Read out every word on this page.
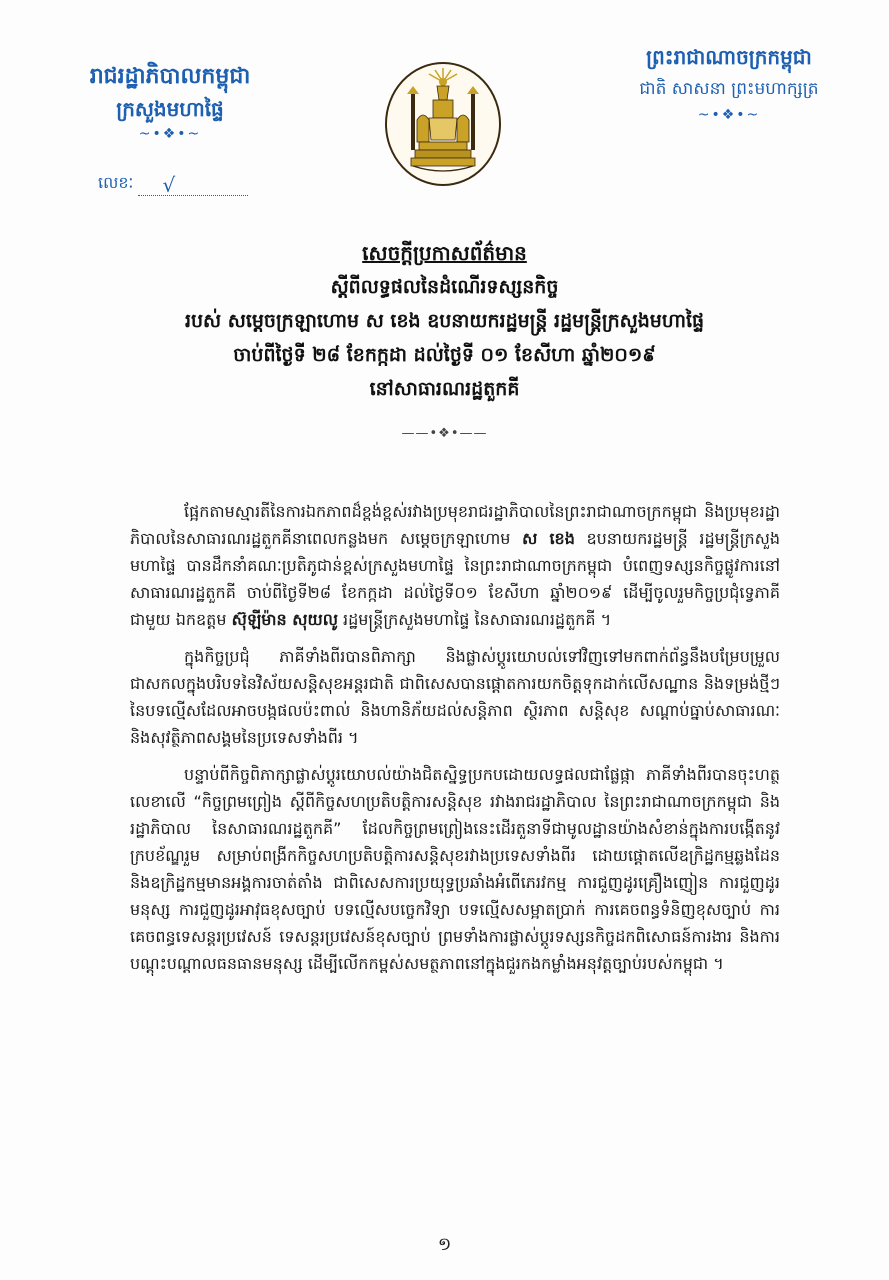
រាជរដ្ឋាភិបាលកម្ពុជា
ក្រសួងមហាផ្ទៃ
~•❖•~
លេខៈ √
ព្រះរាជាណាចក្រកម្ពុជា
ជាតិ សាសនា ព្រះមហាក្សត្រ
~•❖•~
សេចក្តីប្រកាសព័ត៌មាន
ស្តីពីលទ្ធផលនៃដំណើរទស្សនកិច្ច
របស់ សម្តេចក្រឡាហោម ស ខេង ឧបនាយករដ្ឋមន្ត្រី រដ្ឋមន្ត្រីក្រសួងមហាផ្ទៃ
ចាប់ពីថ្ងៃទី ២៨ ខែកក្កដា ដល់ថ្ងៃទី ០១ ខែសីហា ឆ្នាំ២០១៩
នៅសាធារណរដ្ឋតួកគី
——•❖•——

ផ្អែកតាមស្មារតីនៃការឯកភាពដ៏ខ្ពង់ខ្ពស់រវាងប្រមុខរាជរដ្ឋាភិបាលនៃព្រះរាជាណាចក្រកម្ពុជា និងប្រមុខរដ្ឋាភិបាលនៃសាធារណរដ្ឋតួកគីនាពេលកន្លងមក សម្តេចក្រឡាហោម ស ខេង ឧបនាយករដ្ឋមន្ត្រី រដ្ឋមន្ត្រីក្រសួងមហាផ្ទៃ បានដឹកនាំគណៈប្រតិភូជាន់ខ្ពស់ក្រសួងមហាផ្ទៃ នៃព្រះរាជាណាចក្រកម្ពុជា បំពេញទស្សនកិច្ចផ្លូវការនៅសាធារណរដ្ឋតួកគី ចាប់ពីថ្ងៃទី២៨ ខែកក្កដា ដល់ថ្ងៃទី០១ ខែសីហា ឆ្នាំ២០១៩ ដើម្បីចូលរួមកិច្ចប្រជុំទ្វេភាគីជាមួយ ឯកឧត្តម ស៊ុឡីម៉ាន សុយលូ រដ្ឋមន្ត្រីក្រសួងមហាផ្ទៃ នៃសាធារណរដ្ឋតួកគី ។

ក្នុងកិច្ចប្រជុំ ភាគីទាំងពីរបានពិភាក្សា និងផ្លាស់ប្តូរយោបល់ទៅវិញទៅមកពាក់ព័ន្ធនឹងបម្រែបម្រួលជាសកលក្នុងបរិបទនៃវិស័យសន្តិសុខអន្តរជាតិ ជាពិសេសបានផ្តោតការយកចិត្តទុកដាក់លើសណ្ឋាន និងទម្រង់ថ្មីៗនៃបទល្មើសដែលអាចបង្កផលប៉ះពាល់ និងហានិភ័យដល់សន្តិភាព ស្ថិរភាព សន្តិសុខ សណ្តាប់ធ្នាប់សាធារណៈ និងសុវត្ថិភាពសង្គមនៃប្រទេសទាំងពីរ ។

បន្ទាប់ពីកិច្ចពិភាក្សាផ្លាស់ប្តូរយោបល់យ៉ាងជិតស្និទ្ធប្រកបដោយលទ្ធផលជាផ្លែផ្កា ភាគីទាំងពីរបានចុះហត្ថលេខាលើ “កិច្ចព្រមព្រៀង ស្តីពីកិច្ចសហប្រតិបត្តិការសន្តិសុខ រវាងរាជរដ្ឋាភិបាល នៃព្រះរាជាណាចក្រកម្ពុជា និងរដ្ឋាភិបាល នៃសាធារណរដ្ឋតួកគី” ដែលកិច្ចព្រមព្រៀងនេះដើរតួនាទីជាមូលដ្ឋានយ៉ាងសំខាន់ក្នុងការបង្កើតនូវក្របខ័ណ្ឌរួម សម្រាប់ពង្រីកកិច្ចសហប្រតិបត្តិការសន្តិសុខរវាងប្រទេសទាំងពីរ ដោយផ្តោតលើឧក្រិដ្ឋកម្មឆ្លងដែន និងឧក្រិដ្ឋកម្មមានអង្គការចាត់តាំង ជាពិសេសការប្រយុទ្ធប្រឆាំងអំពើភេរវកម្ម ការជួញដូរគ្រឿងញៀន ការជួញដូរមនុស្ស ការជួញដូរអាវុធខុសច្បាប់ បទល្មើសបច្ចេកវិទ្យា បទល្មើសសម្អាតប្រាក់ ការគេចពន្ធទំនិញខុសច្បាប់ ការគេចពន្ធទេសន្តរប្រវេសន៍ ទេសន្តរប្រវេសន៍ខុសច្បាប់ ព្រមទាំងការផ្លាស់ប្តូរទស្សនកិច្ចដកពិសោធន៍ការងារ និងការបណ្តុះបណ្តាលធនធានមនុស្ស ដើម្បីលើកកម្ពស់សមត្ថភាពនៅក្នុងជួរកងកម្លាំងអនុវត្តច្បាប់របស់កម្ពុជា ។

១
